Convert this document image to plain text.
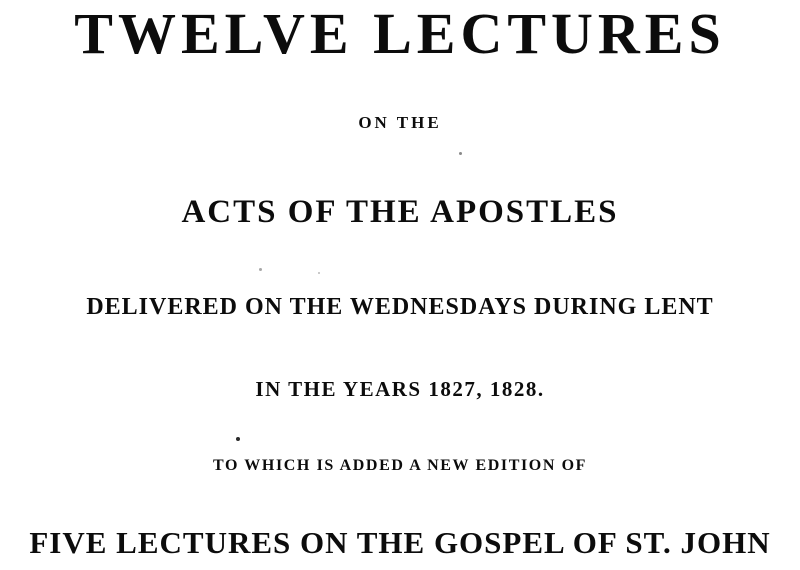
TWELVE LECTURES
ON THE
ACTS OF THE APOSTLES
DELIVERED ON THE WEDNESDAYS DURING LENT
IN THE YEARS 1827, 1828.
TO WHICH IS ADDED A NEW EDITION OF
FIVE LECTURES ON THE GOSPEL OF ST. JOHN
